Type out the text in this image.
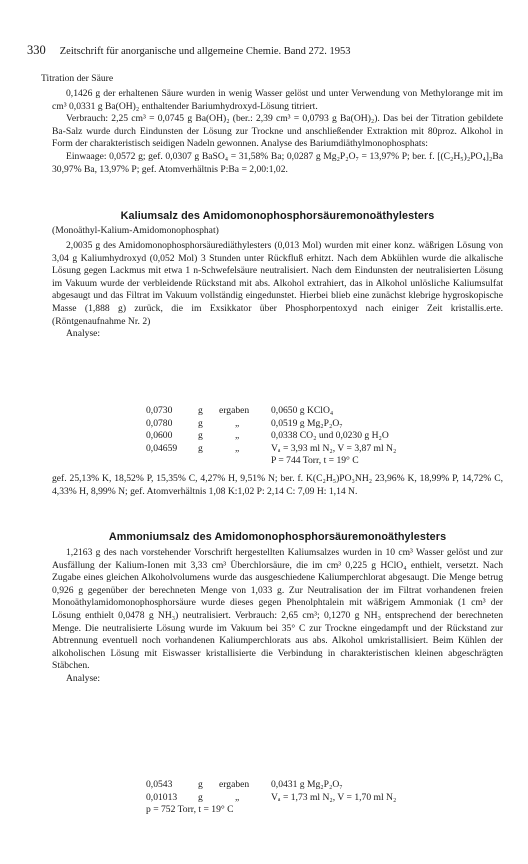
330 Zeitschrift für anorganische und allgemeine Chemie. Band 272. 1953
Titration der Säure

0,1426 g der erhaltenen Säure wurden in wenig Wasser gelöst und unter Verwendung von Methylorange mit im cm³ 0,0331 g Ba(OH)₂ enthaltender Bariumhydroxyd-Lösung titriert.

Verbrauch: 2,25 cm³ = 0,0745 g Ba(OH)₂ (ber.: 2,39 cm³ = 0,0793 g Ba(OH)₂). Das bei der Titration gebildete Ba-Salz wurde durch Eindunsten der Lösung zur Trockne und anschließender Extraktion mit 80proz. Alkohol in Form der charakteristisch seidigen Nadeln gewonnen. Analyse des Bariumdiäthylmonophosphats:

Einwaage: 0,0572 g; gef. 0,0307 g BaSO₄ = 31,58% Ba; 0,0287 g Mg₂P₂O₇ = 13,97% P; ber. f. [(C₂H₅)₂PO₄]₂Ba 30,97% Ba, 13,97% P; gef. Atomverhältnis P:Ba = 2,00:1,02.

Kaliumsalz des Amidomonophosphorsäuremonoäthylesters
(Monoäthyl-Kalium-Amidomonophosphat)

2,0035 g des Amidomonophosphorsäurediäthylesters (0,013 Mol) wurden mit einer konz. wäßrigen Lösung von 3,04 g Kaliumhydroxyd (0,052 Mol) 3 Stunden unter Rückfluß erhitzt. Nach dem Abkühlen wurde die alkalische Lösung gegen Lackmus mit etwa 1 n-Schwefelsäure neutralisiert. Nach dem Eindunsten der neutralisierten Lösung im Vakuum wurde der verbleidende Rückstand mit abs. Alkohol extrahiert, das in Alkohol unlösliche Kaliumsulfat abgesaugt und das Filtrat im Vakuum vollständig eingedunstet. Hierbei blieb eine zunächst klebrige hygroskopische Masse (1,888 g) zurück, die im Exsikkator über Phosphorpentoxyd nach einiger Zeit kristallis.erte. (Röntgenaufnahme Nr. 2)

Analyse:

0,0730	g	ergaben	0,0650 g KClO₄
0,0780	g	„	0,0519 g Mg₂P₂O₇
0,0600	g	„	0,0338 CO₂ und 0,0230 g H₂O
0,04659	g	„	Vₐ = 3,93 ml N₂, V = 3,87 ml N₂
P = 744 Torr, t = 19° C

gef. 25,13% K, 18,52% P, 15,35% C, 4,27% H, 9,51% N; ber. f. K(C₂H₅)PO₃NH₂ 23,96% K, 18,99% P, 14,72% C, 4,33% H, 8,99% N; gef. Atomverhältnis 1,08 K:1,02 P: 2,14 C: 7,09 H: 1,14 N.

Ammoniumsalz des Amidomonophosphorsäuremonoäthylesters

1,2163 g des nach vorstehender Vorschrift hergestellten Kaliumsalzes wurden in 10 cm³ Wasser gelöst und zur Ausfällung der Kalium-Ionen mit 3,33 cm³ Überchlorsäure, die im cm³ 0,225 g HClO₄ enthielt, versetzt. Nach Zugabe eines gleichen Alkoholvolumens wurde das ausgeschiedene Kaliumperchlorat abgesaugt. Die Menge betrug 0,926 g gegenüber der berechneten Menge von 1,033 g. Zur Neutralisation der im Filtrat vorhandenen freien Monoäthylamidomonophosphorsäure wurde dieses gegen Phenolphtalein mit wäßrigem Ammoniak (1 cm³ der Lösung enthielt 0,0478 g NH₃) neutralisiert. Verbrauch: 2,65 cm³; 0,1270 g NH₃ entsprechend der berechneten Menge. Die neutralisierte Lösung wurde im Vakuum bei 35° C zur Trockne eingedampft und der Rückstand zur Abtrennung eventuell noch vorhandenen Kaliumperchlorats aus abs. Alkohol umkristallisiert. Beim Kühlen der alkoholischen Lösung mit Eiswasser kristallisierte die Verbindung in charakteristischen kleinen abgeschrägten Stäbchen.

Analyse:

0,0543	g	ergaben	0,0431 g Mg₂P₂O₇
0,01013	g	„	Vₐ = 1,73 ml N₂, V = 1,70 ml N₂
p = 752 Torr, t = 19° C
